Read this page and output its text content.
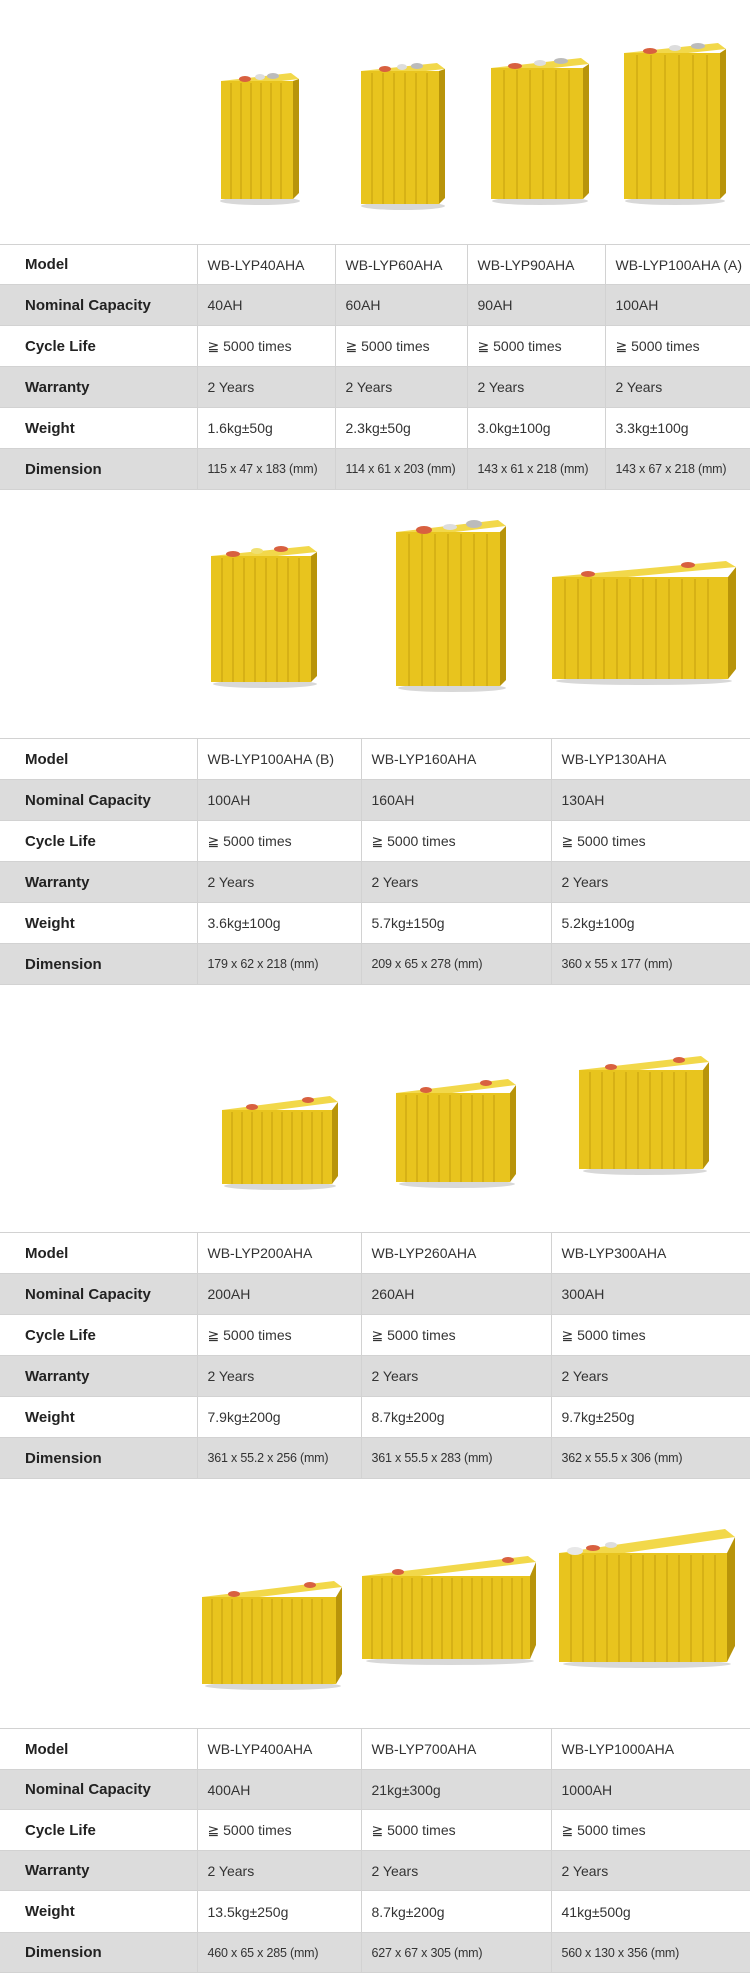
Model	WB-LYP40AHA	WB-LYP60AHA	WB-LYP90AHA	WB-LYP100AHA (A)
Nominal Capacity	40AH	60AH	90AH	100AH
Cycle Life	≧ 5000 times	≧ 5000 times	≧ 5000 times	≧ 5000 times
Warranty	2 Years	2 Years	2 Years	2 Years
Weight	1.6kg±50g	2.3kg±50g	3.0kg±100g	3.3kg±100g
Dimension	115 x 47 x 183 (mm)	114 x 61 x 203 (mm)	143 x 61 x 218 (mm)	143 x 67 x 218 (mm)
Model	WB-LYP100AHA (B)	WB-LYP160AHA	WB-LYP130AHA
Nominal Capacity	100AH	160AH	130AH
Cycle Life	≧ 5000 times	≧ 5000 times	≧ 5000 times
Warranty	2 Years	2 Years	2 Years
Weight	3.6kg±100g	5.7kg±150g	5.2kg±100g
Dimension	179 x 62 x 218 (mm)	209 x 65 x 278 (mm)	360 x 55 x 177 (mm)
Model	WB-LYP200AHA	WB-LYP260AHA	WB-LYP300AHA
Nominal Capacity	200AH	260AH	300AH
Cycle Life	≧ 5000 times	≧ 5000 times	≧ 5000 times
Warranty	2 Years	2 Years	2 Years
Weight	7.9kg±200g	8.7kg±200g	9.7kg±250g
Dimension	361 x 55.2 x 256 (mm)	361 x 55.5 x 283 (mm)	362 x 55.5 x 306 (mm)
Model	WB-LYP400AHA	WB-LYP700AHA	WB-LYP1000AHA
Nominal Capacity	400AH	21kg±300g	1000AH
Cycle Life	≧ 5000 times	≧ 5000 times	≧ 5000 times
Warranty	2 Years	2 Years	2 Years
Weight	13.5kg±250g	8.7kg±200g	41kg±500g
Dimension	460 x 65 x 285 (mm)	627 x 67 x 305 (mm)	560 x 130 x 356 (mm)
